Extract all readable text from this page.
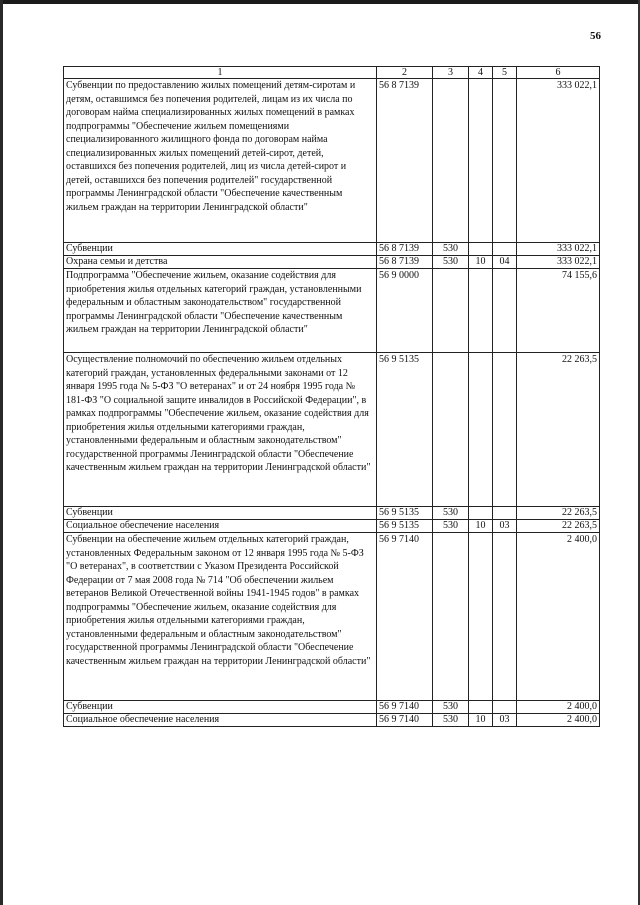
56
1	2	3	4	5	6
Субвенции по предоставлению жилых помещений детям-сиротам и детям, оставшимся без попечения родителей, лицам из их числа по договорам найма специализированных жилых помещений в рамках подпрограммы "Обеспечение жильем помещениями специализированного жилищного фонда по договорам найма специализированных жилых помещений детей-сирот, детей, оставшихся без попечения родителей, лиц из числа детей-сирот и детей, оставшихся без попечения родителей" государственной программы Ленинградской области "Обеспечение качественным жильем граждан на территории Ленинградской области"	56 8 7139				333 022,1
Субвенции	56 8 7139	530			333 022,1
Охрана семьи и детства	56 8 7139	530	10	04	333 022,1
Подпрограмма "Обеспечение жильем, оказание содействия для приобретения жилья отдельных категорий граждан, установленными федеральным и областным законодательством" государственной программы Ленинградской области "Обеспечение качественным жильем граждан на территории Ленинградской области"	56 9 0000				74 155,6
Осуществление полномочий по обеспечению жильем отдельных категорий граждан, установленных федеральными законами от 12 января 1995 года № 5-ФЗ "О ветеранах" и от 24 ноября 1995 года № 181-ФЗ "О социальной защите инвалидов в Российской Федерации", в рамках подпрограммы "Обеспечение жильем, оказание содействия для приобретения жилья отдельными категориями граждан, установленными федеральным и областным законодательством" государственной программы Ленинградской области "Обеспечение качественным жильем граждан на территории Ленинградской области"	56 9 5135				22 263,5
Субвенции	56 9 5135	530			22 263,5
Социальное обеспечение населения	56 9 5135	530	10	03	22 263,5
Субвенции на обеспечение жильем отдельных категорий граждан, установленных Федеральным законом от 12 января 1995 года № 5-ФЗ "О ветеранах", в соответствии с Указом Президента Российской Федерации от 7 мая 2008 года № 714 "Об обеспечении жильем ветеранов Великой Отечественной войны 1941-1945 годов" в рамках подпрограммы "Обеспечение жильем, оказание содействия для приобретения жилья отдельными категориями граждан, установленными федеральным и областным законодательством" государственной программы Ленинградской области "Обеспечение качественным жильем граждан на территории Ленинградской области"	56 9 7140				2 400,0
Субвенции	56 9 7140	530			2 400,0
Социальное обеспечение населения	56 9 7140	530	10	03	2 400,0
